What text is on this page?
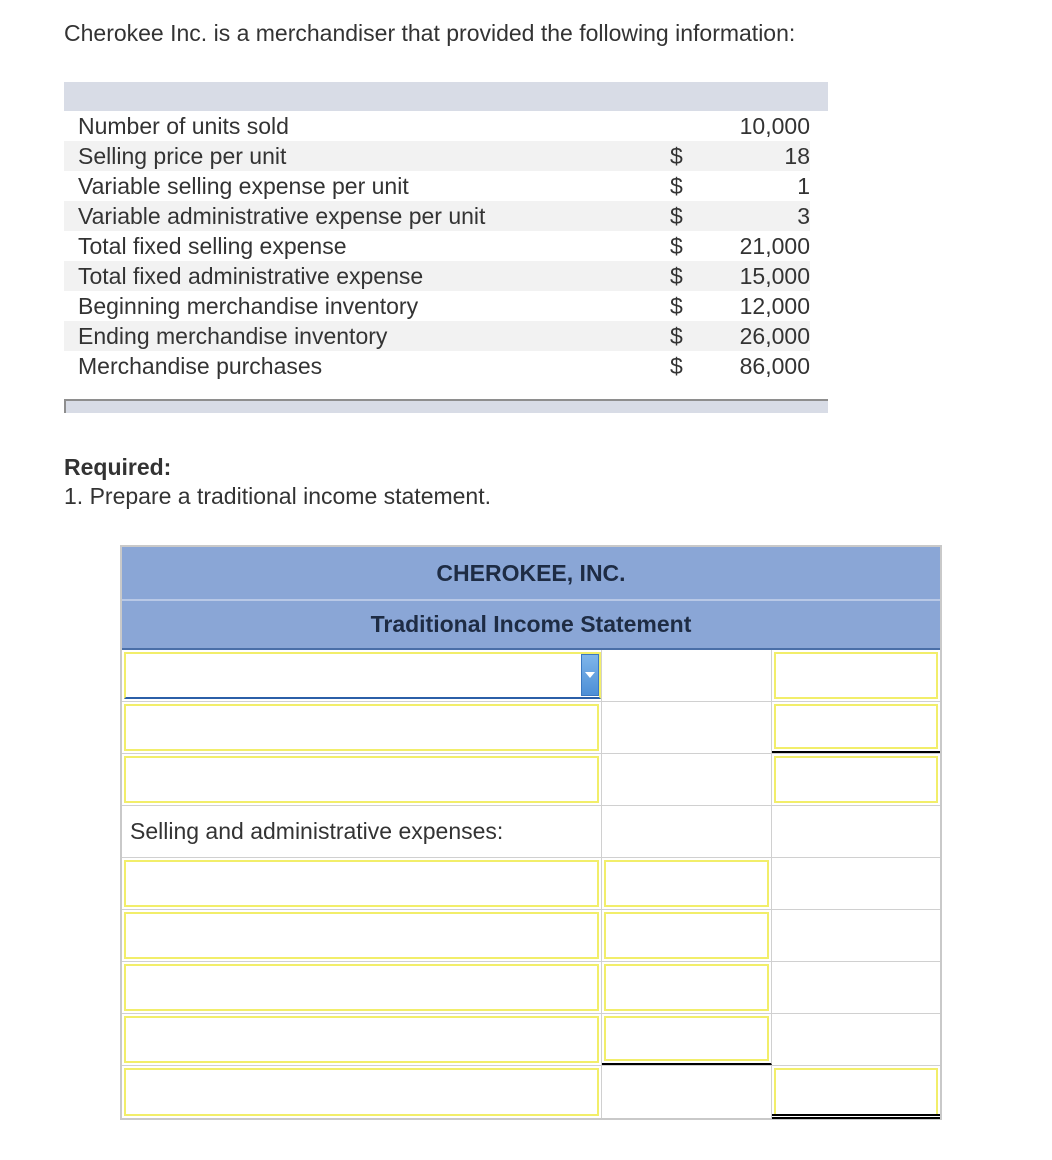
Cherokee Inc. is a merchandiser that provided the following information:
Number of units sold		10,000
Selling price per unit	$	18
Variable selling expense per unit	$	1
Variable administrative expense per unit	$	3
Total fixed selling expense	$	21,000
Total fixed administrative expense	$	15,000
Beginning merchandise inventory	$	12,000
Ending merchandise inventory	$	26,000
Merchandise purchases	$	86,000
Required:
1. Prepare a traditional income statement.
CHEROKEE, INC.
Traditional Income Statement
Selling and administrative expenses:
